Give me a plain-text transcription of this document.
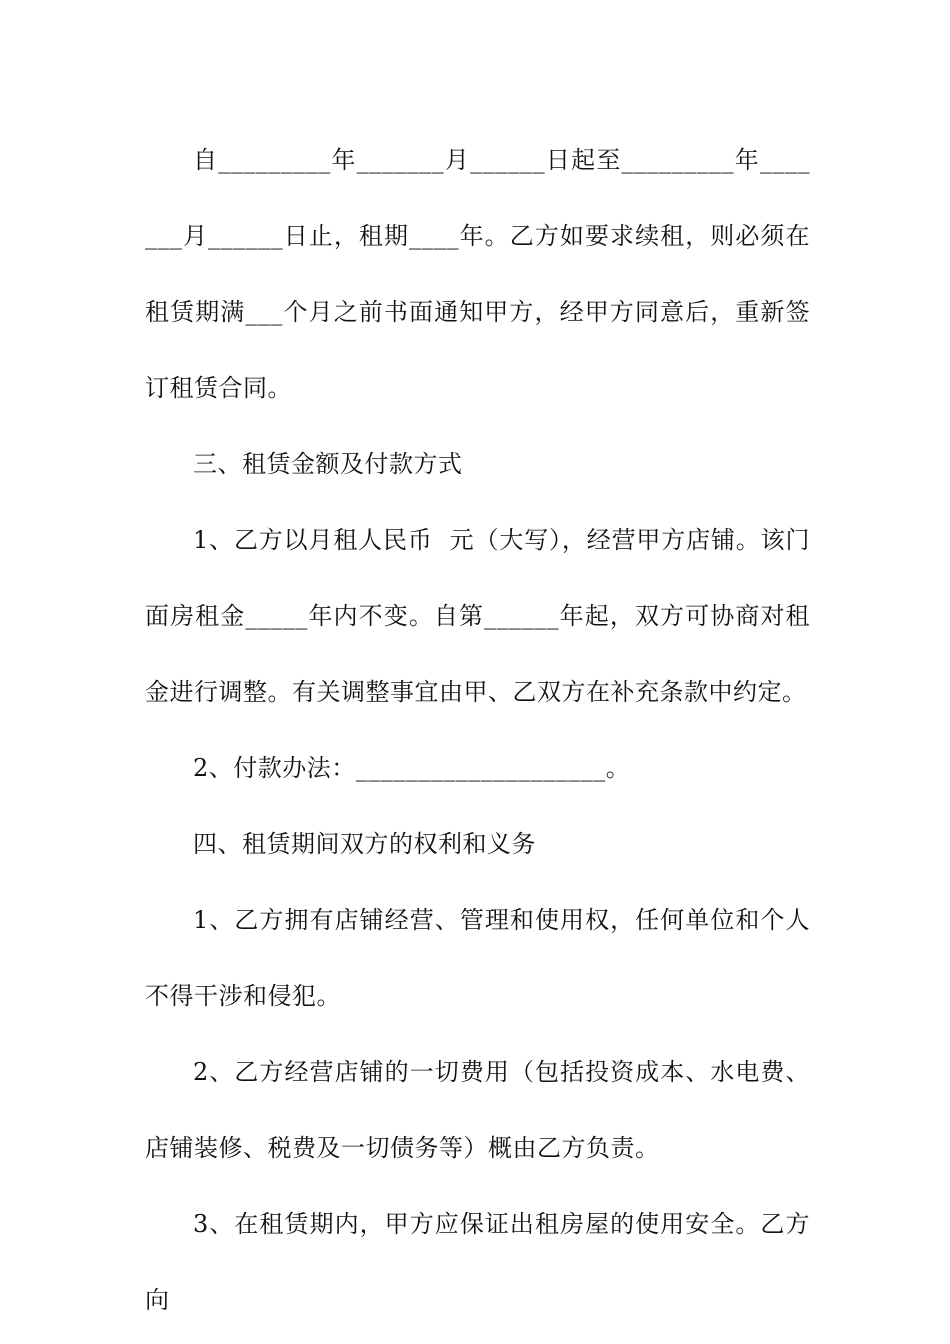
自_________年_______月______日起至_________年_______月______日止，租期____年。乙方如要求续租，则必须在租赁期满___个月之前书面通知甲方，经甲方同意后，重新签订租赁合同。

三、租赁金额及付款方式

1、乙方以月租人民币  元（大写），经营甲方店铺。该门面房租金_____年内不变。自第______年起，双方可协商对租金进行调整。有关调整事宜由甲、乙双方在补充条款中约定。

2、付款办法：____________________。

四、租赁期间双方的权利和义务

1、乙方拥有店铺经营、管理和使用权，任何单位和个人不得干涉和侵犯。

2、乙方经营店铺的一切费用（包括投资成本、水电费、店铺装修、税费及一切债务等）概由乙方负责。

3、在租赁期内，甲方应保证出租房屋的使用安全。乙方向
